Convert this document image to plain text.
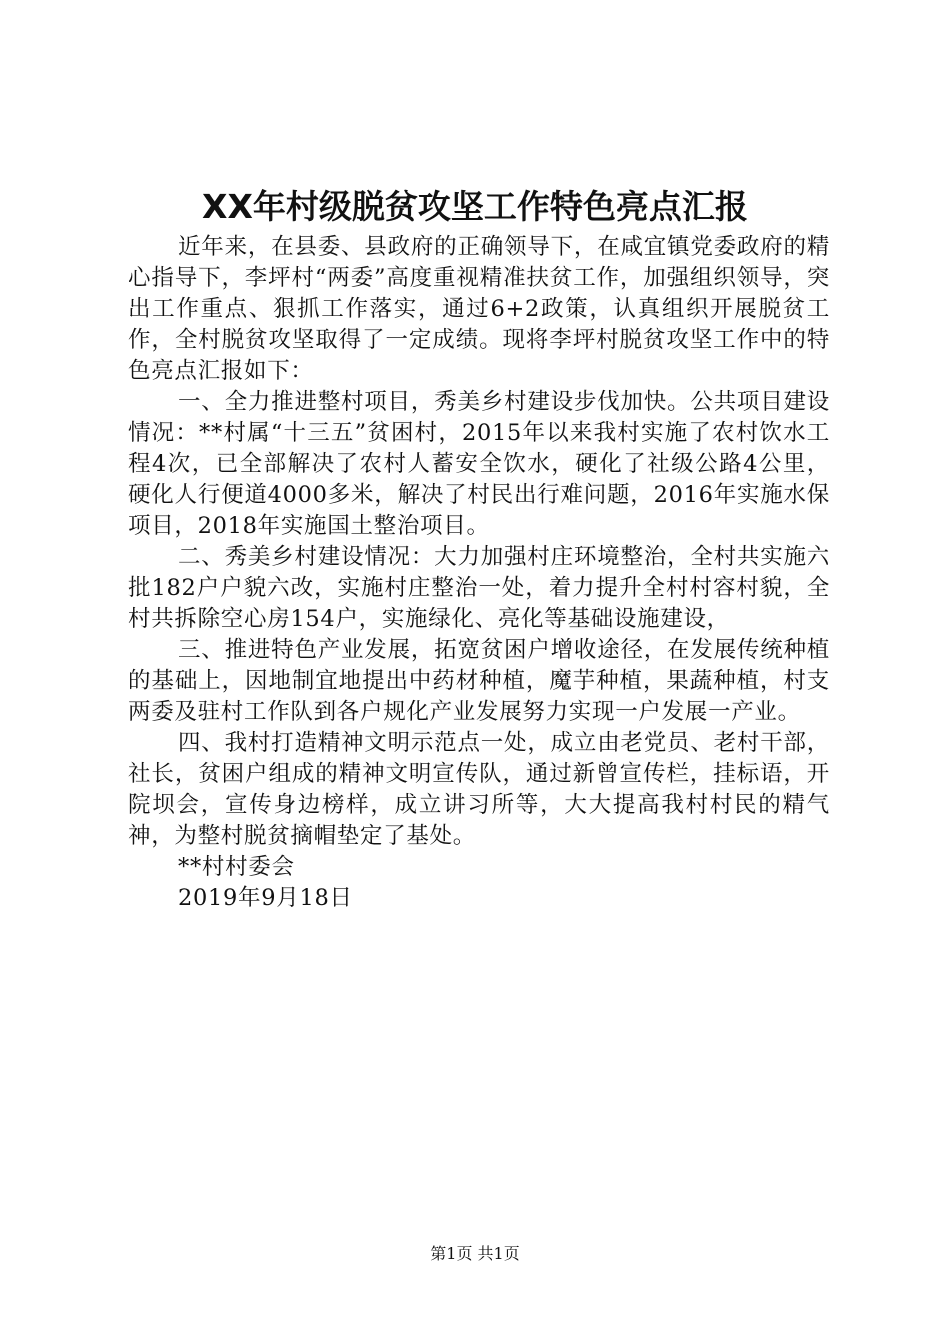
XX年村级脱贫攻坚工作特色亮点汇报

近年来，在县委、县政府的正确领导下，在咸宜镇党委政府的精心指导下，李坪村“两委”高度重视精准扶贫工作，加强组织领导，突出工作重点、狠抓工作落实，通过6+2政策，认真组织开展脱贫工作，全村脱贫攻坚取得了一定成绩。现将李坪村脱贫攻坚工作中的特色亮点汇报如下：

一、全力推进整村项目，秀美乡村建设步伐加快。公共项目建设情况：**村属“十三五”贫困村，2015年以来我村实施了农村饮水工程4次，已全部解决了农村人蓄安全饮水，硬化了社级公路4公里，硬化人行便道4000多米，解决了村民出行难问题，2016年实施水保项目，2018年实施国土整治项目。

二、秀美乡村建设情况：大力加强村庄环境整治，全村共实施六批182户户貌六改，实施村庄整治一处，着力提升全村村容村貌，全村共拆除空心房154户，实施绿化、亮化等基础设施建设，

三、推进特色产业发展，拓宽贫困户增收途径，在发展传统种植的基础上，因地制宜地提出中药材种植，魔芋种植，果蔬种植，村支两委及驻村工作队到各户规化产业发展努力实现一户发展一产业。

四、我村打造精神文明示范点一处，成立由老党员、老村干部，社长，贫困户组成的精神文明宣传队，通过新曾宣传栏，挂标语，开院坝会，宣传身边榜样，成立讲习所等，大大提高我村村民的精气神，为整村脱贫摘帽垫定了基处。

**村村委会

2019年9月18日

第1页 共1页
